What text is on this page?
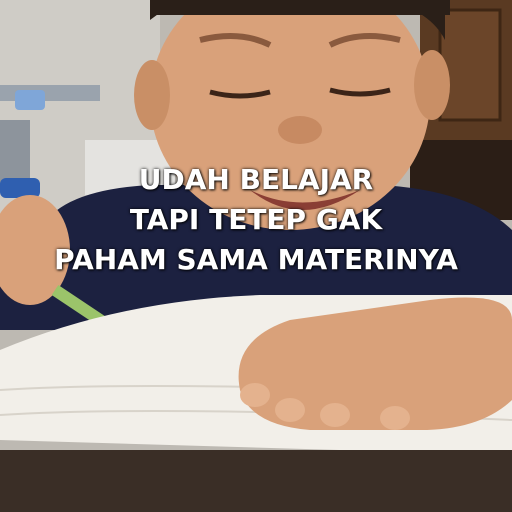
UDAH BELAJAR
TAPI TETEP GAK
PAHAM SAMA MATERINYA
